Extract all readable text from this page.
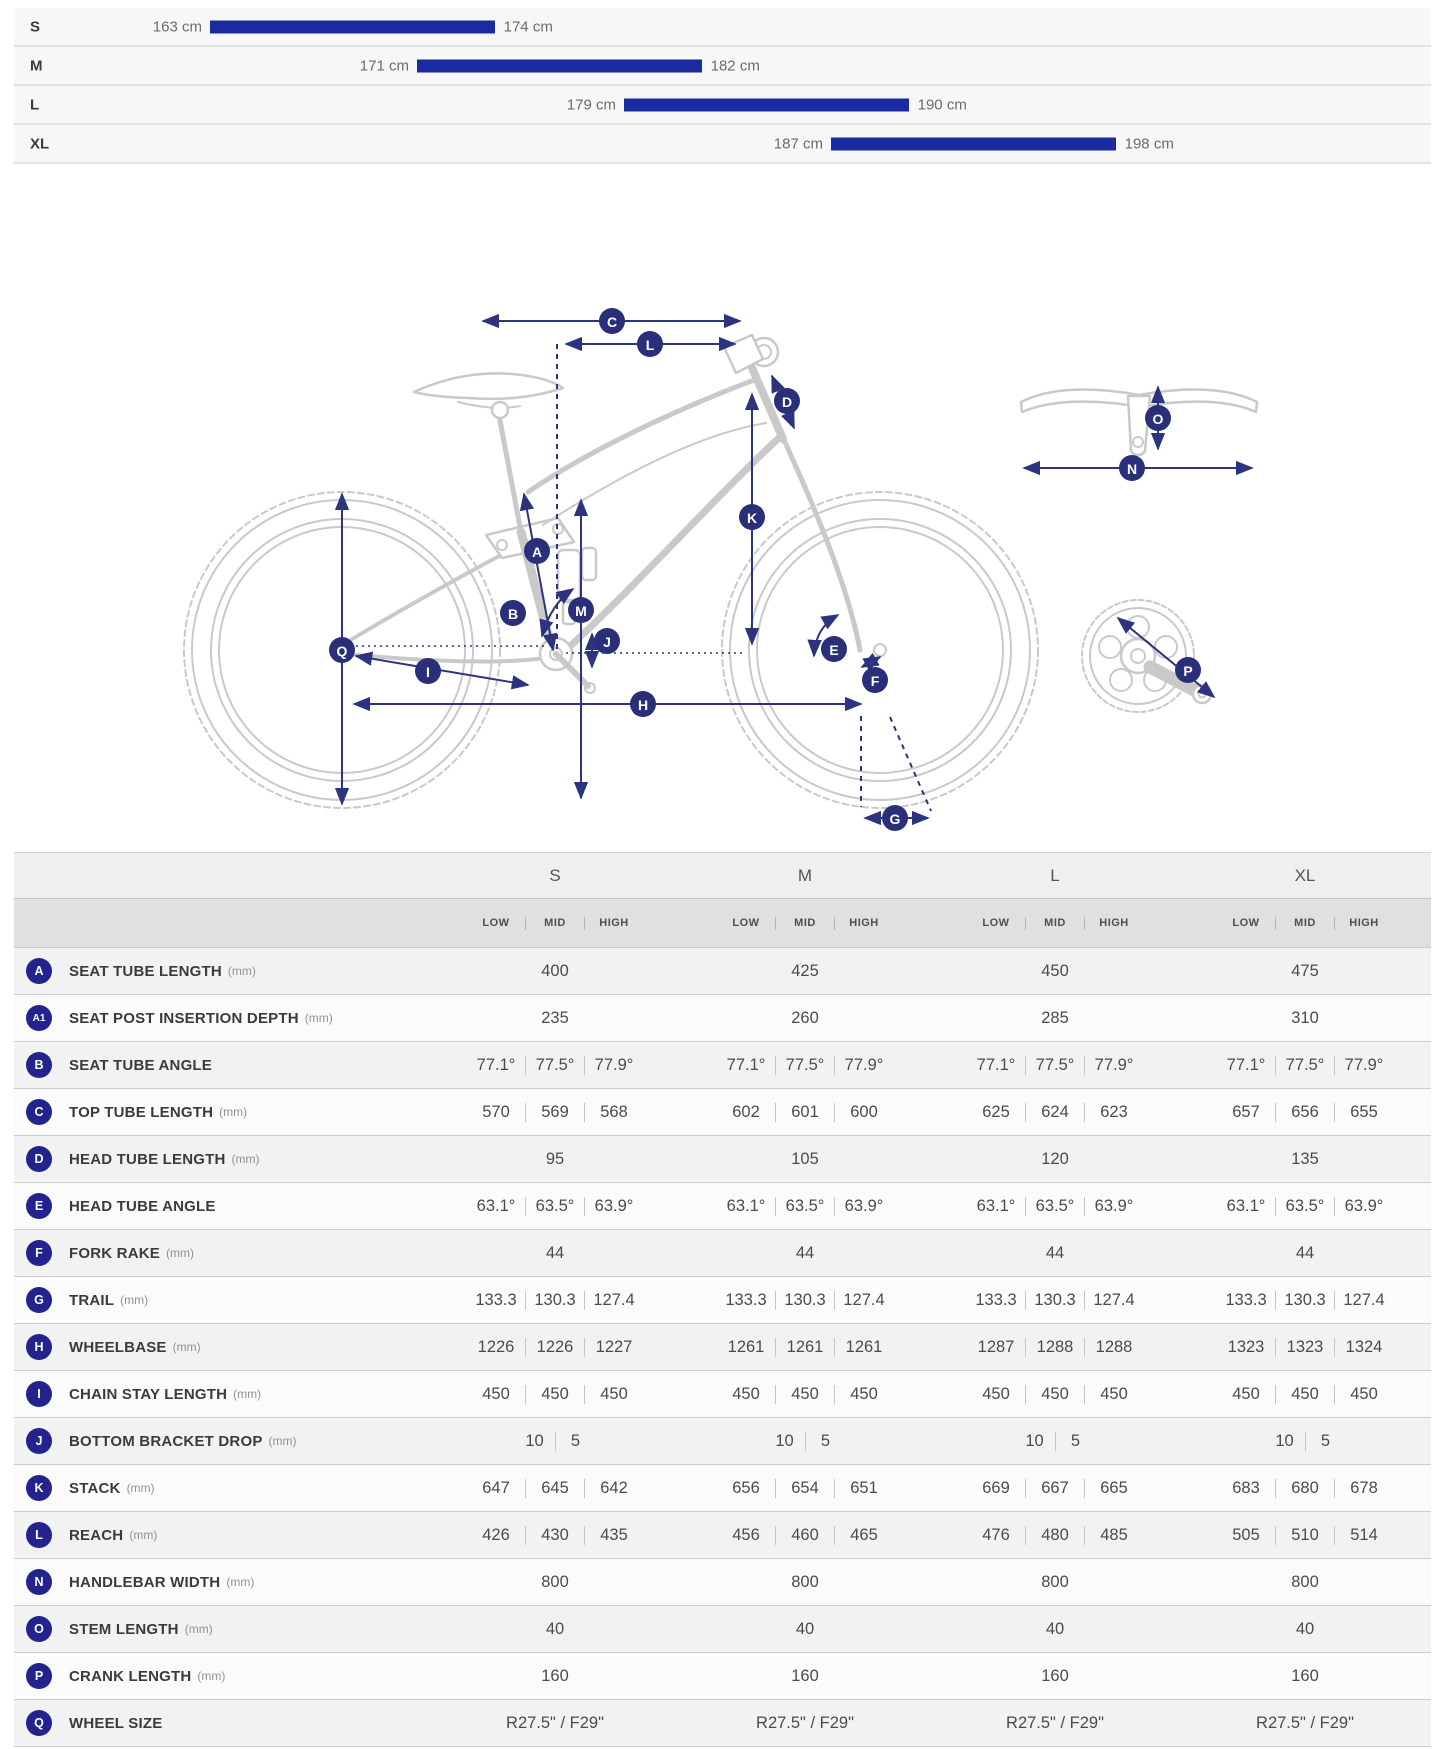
S	163 cm	174 cm
M	171 cm	182 cm
L	179 cm	190 cm
XL	187 cm	198 cm
C
L
D
K
A
B	M
J
Q
I
H
E
F
G
O
N
P
S	M	L	XL
LOW	MID	HIGH	LOW	MID	HIGH	LOW	MID	HIGH	LOW	MID	HIGH
A	SEAT TUBE LENGTH (mm)	400	425	450	475
A1	SEAT POST INSERTION DEPTH (mm)	235	260	285	310
B	SEAT TUBE ANGLE	77.1°	77.5°	77.9°	77.1°	77.5°	77.9°	77.1°	77.5°	77.9°	77.1°	77.5°	77.9°
C	TOP TUBE LENGTH (mm)	570	569	568	602	601	600	625	624	623	657	656	655
D	HEAD TUBE LENGTH (mm)	95	105	120	135
E	HEAD TUBE ANGLE	63.1°	63.5°	63.9°	63.1°	63.5°	63.9°	63.1°	63.5°	63.9°	63.1°	63.5°	63.9°
F	FORK RAKE (mm)	44	44	44	44
G	TRAIL (mm)	133.3	130.3	127.4	133.3	130.3	127.4	133.3	130.3	127.4	133.3	130.3	127.4
H	WHEELBASE (mm)	1226	1226	1227	1261	1261	1261	1287	1288	1288	1323	1323	1324
I	CHAIN STAY LENGTH (mm)	450	450	450	450	450	450	450	450	450	450	450	450
J	BOTTOM BRACKET DROP (mm)	10	5	10	5	10	5	10	5
K	STACK (mm)	647	645	642	656	654	651	669	667	665	683	680	678
L	REACH (mm)	426	430	435	456	460	465	476	480	485	505	510	514
N	HANDLEBAR WIDTH (mm)	800	800	800	800
O	STEM LENGTH (mm)	40	40	40	40
P	CRANK LENGTH (mm)	160	160	160	160
Q	WHEEL SIZE	R27.5" / F29"	R27.5" / F29"	R27.5" / F29"	R27.5" / F29"
